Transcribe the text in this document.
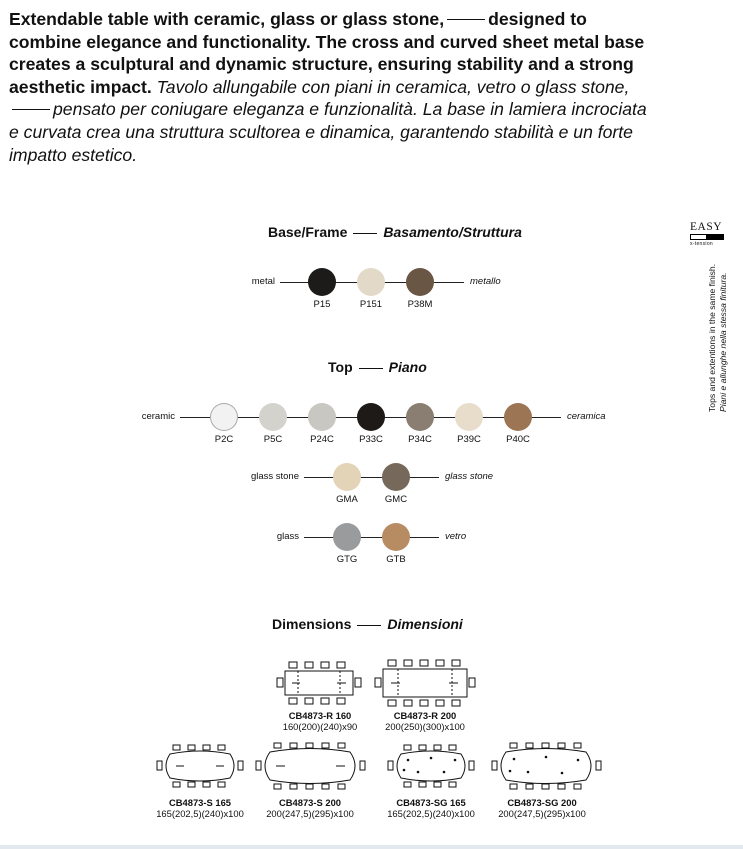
Extendable table with ceramic, glass or glass stone,	designed to combine elegance and functionality. The cross and curved sheet metal base creates a sculptural and dynamic structure, ensuring stability and a strong aesthetic impact. Tavolo allungabile con piani in ceramica, vetro o glass stone,pensato per coniugare eleganza e funzionalità. La base in lamiera incrociata e curvata crea una struttura scultorea e dinamica, garantendo stabilità e un forte impatto estetico.
Base/Frame	Basamento/Struttura
metal	metallo
P15	P151	P38M
Top	Piano
ceramic	ceramica
P2C	P5C	P24C	P33C	P34C	P39C	P40C
glass stone	glass stone
GMA	GMC
glass	vetro
GTG	GTB
EASY
x-tension
Tops and extentions in the same finish. Piani e allunghe nella stessa finitura.
Dimensions	Dimensioni
CB4873-R 160
160(200)(240)x90
CB4873-R 200
200(250)(300)x100
CB4873-S 165
165(202,5)(240)x100
CB4873-S 200
200(247,5)(295)x100
CB4873-SG 165
165(202,5)(240)x100
CB4873-SG 200
200(247,5)(295)x100
